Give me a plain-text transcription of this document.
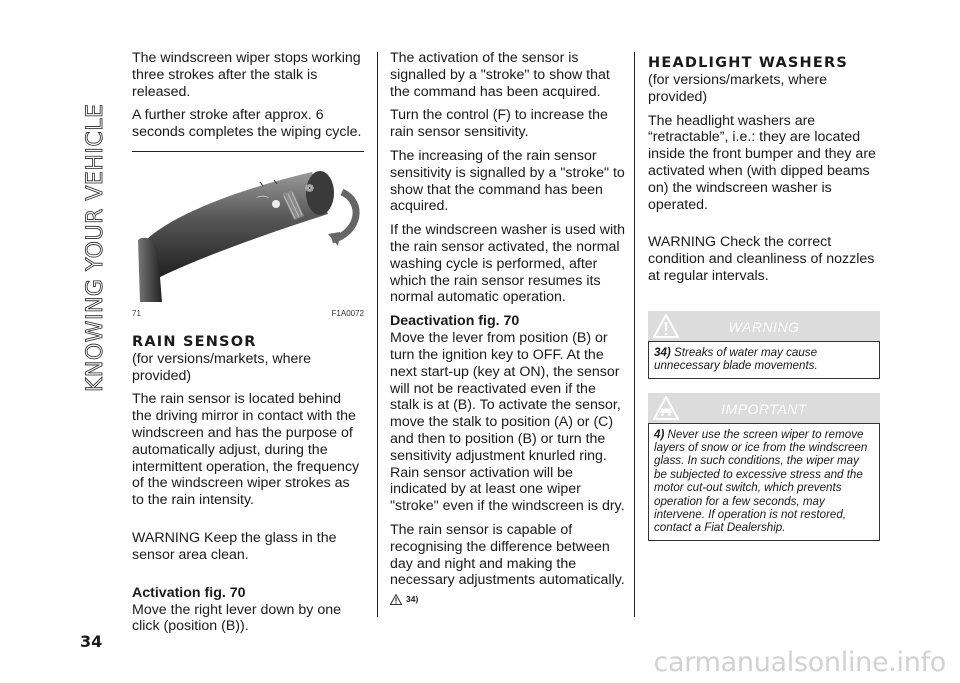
KNOWING YOUR VEHICLE

The windscreen wiper stops working three strokes after the stalk is released.

A further stroke after approx. 6 seconds completes the wiping cycle.

⌒
❁
71	F1A0072
RAIN SENSOR

(for versions/markets, where provided)

The rain sensor is located behind the driving mirror in contact with the windscreen and has the purpose of automatically adjust, during the intermittent operation, the frequency of the windscreen wiper strokes as to the rain intensity.

WARNING Keep the glass in the sensor area clean.

Activation fig. 70

Move the right lever down by one click (position (B)).

The activation of the sensor is signalled by a "stroke" to show that the command has been acquired.

Turn the control (F) to increase the rain sensor sensitivity.

The increasing of the rain sensor sensitivity is signalled by a "stroke" to show that the command has been acquired.

If the windscreen washer is used with the rain sensor activated, the normal washing cycle is performed, after which the rain sensor resumes its normal automatic operation.

Deactivation fig. 70

Move the lever from position (B) or turn the ignition key to OFF. At the next start-up (key at ON), the sensor will not be reactivated even if the stalk is at (B). To activate the sensor, move the stalk to position (A) or (C) and then to position (B) or turn the sensitivity adjustment knurled ring. Rain sensor activation will be indicated by at least one wiper "stroke" even if the windscreen is dry.

The rain sensor is capable of recognising the difference between day and night and making the necessary adjustments automatically.

34)
HEADLIGHT WASHERS

(for versions/markets, where provided)

The headlight washers are “retractable”, i.e.: they are located inside the front bumper and they are activated when (with dipped beams on) the windscreen washer is operated.

WARNING Check the correct condition and cleanliness of nozzles at regular intervals.

WARNING
34) Streaks of water may cause unnecessary blade movements.
IMPORTANT
4) Never use the screen wiper to remove layers of snow or ice from the windscreen glass. In such conditions, the wiper may be subjected to excessive stress and the motor cut-out switch, which prevents operation for a few seconds, may intervene. If operation is not restored, contact a Fiat Dealership.
34
carmanualsonline.info
